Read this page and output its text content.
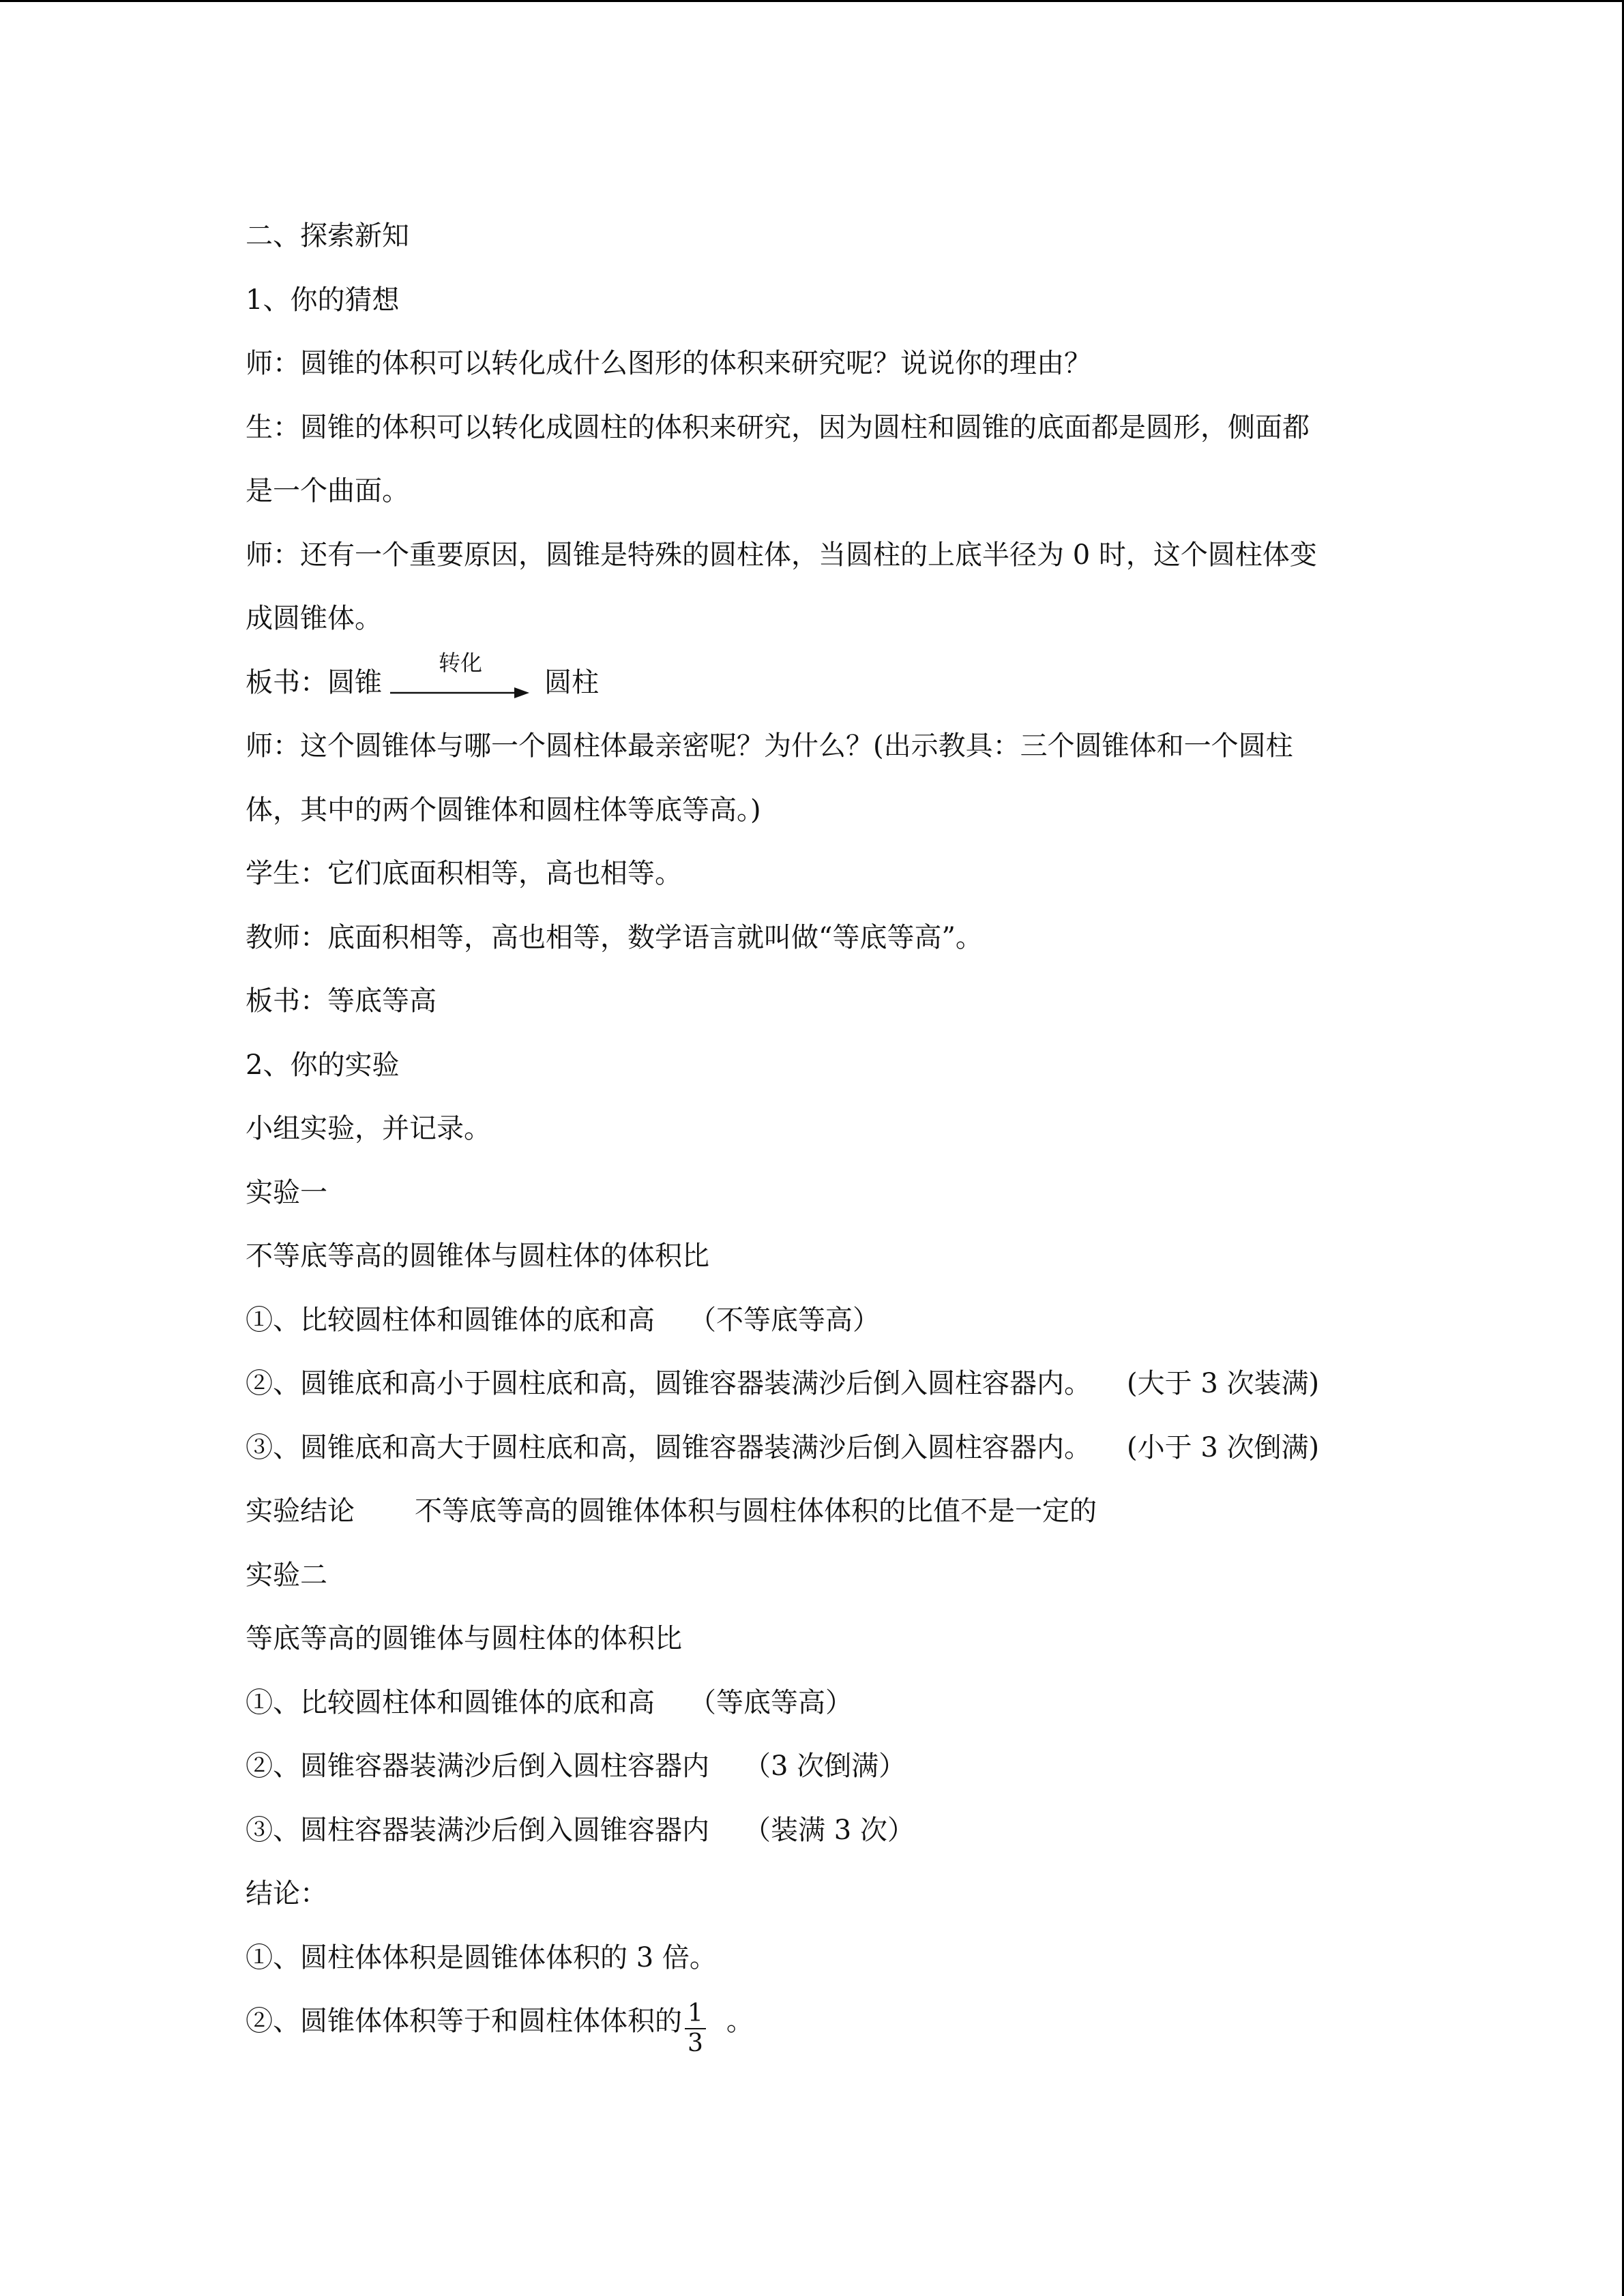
二、探索新知
1、你的猜想
师：圆锥的体积可以转化成什么图形的体积来研究呢？说说你的理由？
生：圆锥的体积可以转化成圆柱的体积来研究，因为圆柱和圆锥的底面都是圆形，侧面都
是一个曲面。
师：还有一个重要原因，圆锥是特殊的圆柱体，当圆柱的上底半径为 0 时，这个圆柱体变
成圆锥体。
板书：圆锥
转化
圆柱
师：这个圆锥体与哪一个圆柱体最亲密呢？为什么？(出示教具：三个圆锥体和一个圆柱
体，其中的两个圆锥体和圆柱体等底等高。)
学生：它们底面积相等，高也相等。
教师：底面积相等，高也相等，数学语言就叫做“等底等高”。
板书：等底等高
2、你的实验
小组实验，并记录。
实验一
不等底等高的圆锥体与圆柱体的体积比
①、比较圆柱体和圆锥体的底和高 （不等底等高）
②、圆锥底和高小于圆柱底和高，圆锥容器装满沙后倒入圆柱容器内。 (大于 3 次装满)
③、圆锥底和高大于圆柱底和高，圆锥容器装满沙后倒入圆柱容器内。 (小于 3 次倒满)
实验结论 不等底等高的圆锥体体积与圆柱体体积的比值不是一定的
实验二
等底等高的圆锥体与圆柱体的体积比
①、比较圆柱体和圆锥体的底和高 （等底等高）
②、圆锥容器装满沙后倒入圆柱容器内 （3 次倒满）
③、圆柱容器装满沙后倒入圆锥容器内 （装满 3 次）
结论：
①、圆柱体体积是圆锥体体积的 3 倍。
②、圆锥体体积等于和圆柱体体积的 $\frac{1}{3}$ 。
